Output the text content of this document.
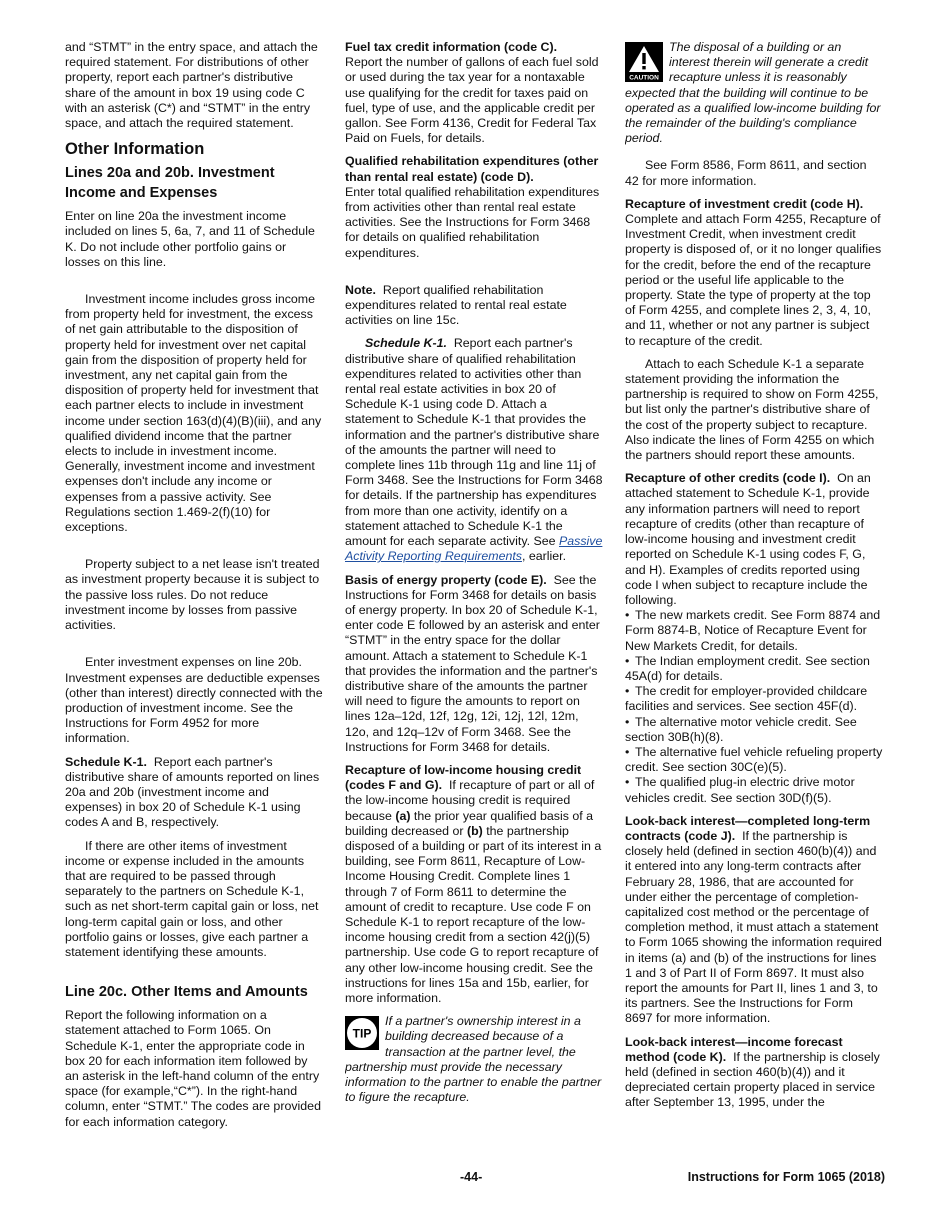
and “STMT” in the entry space, and attach the required statement. For distributions of other property, report each partner's distributive share of the amount in box 19 using code C with an asterisk (C*) and “STMT” in the entry space, and attach the required statement.

Other Information
Lines 20a and 20b. Investment Income and Expenses

Enter on line 20a the investment income included on lines 5, 6a, 7, and 11 of Schedule K. Do not include other portfolio gains or losses on this line.

Investment income includes gross income from property held for investment, the excess of net gain attributable to the disposition of property held for investment over net capital gain from the disposition of property held for investment, any net capital gain from the disposition of property held for investment that each partner elects to include in investment income under section 163(d)(4)(B)(iii), and any qualified dividend income that the partner elects to include in investment income. Generally, investment income and investment expenses don't include any income or expenses from a passive activity. See Regulations section 1.469-2(f)(10) for exceptions.

Property subject to a net lease isn't treated as investment property because it is subject to the passive loss rules. Do not reduce investment income by losses from passive activities.

Enter investment expenses on line 20b. Investment expenses are deductible expenses (other than interest) directly connected with the production of investment income. See the Instructions for Form 4952 for more information.

Schedule K-1. Report each partner's distributive share of amounts reported on lines 20a and 20b (investment income and expenses) in box 20 of Schedule K-1 using codes A and B, respectively.

If there are other items of investment income or expense included in the amounts that are required to be passed through separately to the partners on Schedule K-1, such as net short-term capital gain or loss, net long-term capital gain or loss, and other portfolio gains or losses, give each partner a statement identifying these amounts.

Line 20c. Other Items and Amounts

Report the following information on a statement attached to Form 1065. On Schedule K-1, enter the appropriate code in box 20 for each information item followed by an asterisk in the left-hand column of the entry space (for example,“C*”). In the right-hand column, enter “STMT.” The codes are provided for each information category.

Fuel tax credit information (code C).
Report the number of gallons of each fuel sold or used during the tax year for a nontaxable use qualifying for the credit for taxes paid on fuel, type of use, and the applicable credit per gallon. See Form 4136, Credit for Federal Tax Paid on Fuels, for details.

Qualified rehabilitation expenditures (other than rental real estate) (code D).
Enter total qualified rehabilitation expenditures from activities other than rental real estate activities. See the Instructions for Form 3468 for details on qualified rehabilitation expenditures.

Note. Report qualified rehabilitation expenditures related to rental real estate activities on line 15c.

Schedule K-1. Report each partner's distributive share of qualified rehabilitation expenditures related to activities other than rental real estate activities in box 20 of Schedule K-1 using code D. Attach a statement to Schedule K-1 that provides the information and the partner's distributive share of the amounts the partner will need to complete lines 11b through 11g and line 11j of Form 3468. See the Instructions for Form 3468 for details. If the partnership has expenditures from more than one activity, identify on a statement attached to Schedule K-1 the amount for each separate activity. See Passive Activity Reporting Requirements, earlier.

Basis of energy property (code E). See the Instructions for Form 3468 for details on basis of energy property. In box 20 of Schedule K-1, enter code E followed by an asterisk and enter “STMT” in the entry space for the dollar amount. Attach a statement to Schedule K-1 that provides the information and the partner's distributive share of the amounts the partner will need to figure the amounts to report on lines 12a–12d, 12f, 12g, 12i, 12j, 12l, 12m, 12o, and 12q–12v of Form 3468. See the Instructions for Form 3468 for details.

Recapture of low-income housing credit (codes F and G). If recapture of part or all of the low-income housing credit is required because (a) the prior year qualified basis of a building decreased or (b) the partnership disposed of a building or part of its interest in a building, see Form 8611, Recapture of Low-Income Housing Credit. Complete lines 1 through 7 of Form 8611 to determine the amount of credit to recapture. Use code F on Schedule K-1 to report recapture of the low-income housing credit from a section 42(j)(5) partnership. Use code G to report recapture of any other low-income housing credit. See the instructions for lines 15a and 15b, earlier, for more information.

TIP

If a partner's ownership interest in a building decreased because of a transaction at the partner level, the partnership must provide the necessary information to the partner to enable the partner to figure the recapture.

CAUTION

The disposal of a building or an interest therein will generate a credit recapture unless it is reasonably expected that the building will continue to be operated as a qualified low-income building for the remainder of the building's compliance period.

See Form 8586, Form 8611, and section 42 for more information.

Recapture of investment credit (code H).
Complete and attach Form 4255, Recapture of Investment Credit, when investment credit property is disposed of, or it no longer qualifies for the credit, before the end of the recapture period or the useful life applicable to the property. State the type of property at the top of Form 4255, and complete lines 2, 3, 4, 10, and 11, whether or not any partner is subject to recapture of the credit.

Attach to each Schedule K-1 a separate statement providing the information the partnership is required to show on Form 4255, but list only the partner's distributive share of the cost of the property subject to recapture. Also indicate the lines of Form 4255 on which the partners should report these amounts.

Recapture of other credits (code I). On an attached statement to Schedule K-1, provide any information partners will need to report recapture of credits (other than recapture of low-income housing and investment credit reported on Schedule K-1 using codes F, G, and H). Examples of credits reported using code I when subject to recapture include the following.

• The new markets credit. See Form 8874 and Form 8874-B, Notice of Recapture Event for New Markets Credit, for details.

• The Indian employment credit. See section 45A(d) for details.

• The credit for employer-provided childcare facilities and services. See section 45F(d).

• The alternative motor vehicle credit. See section 30B(h)(8).

• The alternative fuel vehicle refueling property credit. See section 30C(e)(5).

• The qualified plug-in electric drive motor vehicles credit. See section 30D(f)(5).

Look-back interest—completed long-term contracts (code J). If the partnership is closely held (defined in section 460(b)(4)) and it entered into any long-term contracts after February 28, 1986, that are accounted for under either the percentage of completion-capitalized cost method or the percentage of completion method, it must attach a statement to Form 1065 showing the information required in items (a) and (b) of the instructions for lines 1 and 3 of Part II of Form 8697. It must also report the amounts for Part II, lines 1 and 3, to its partners. See the Instructions for Form 8697 for more information.

Look-back interest—income forecast method (code K). If the partnership is closely held (defined in section 460(b)(4)) and it depreciated certain property placed in service after September 13, 1995, under the

-44-	Instructions for Form 1065 (2018)
